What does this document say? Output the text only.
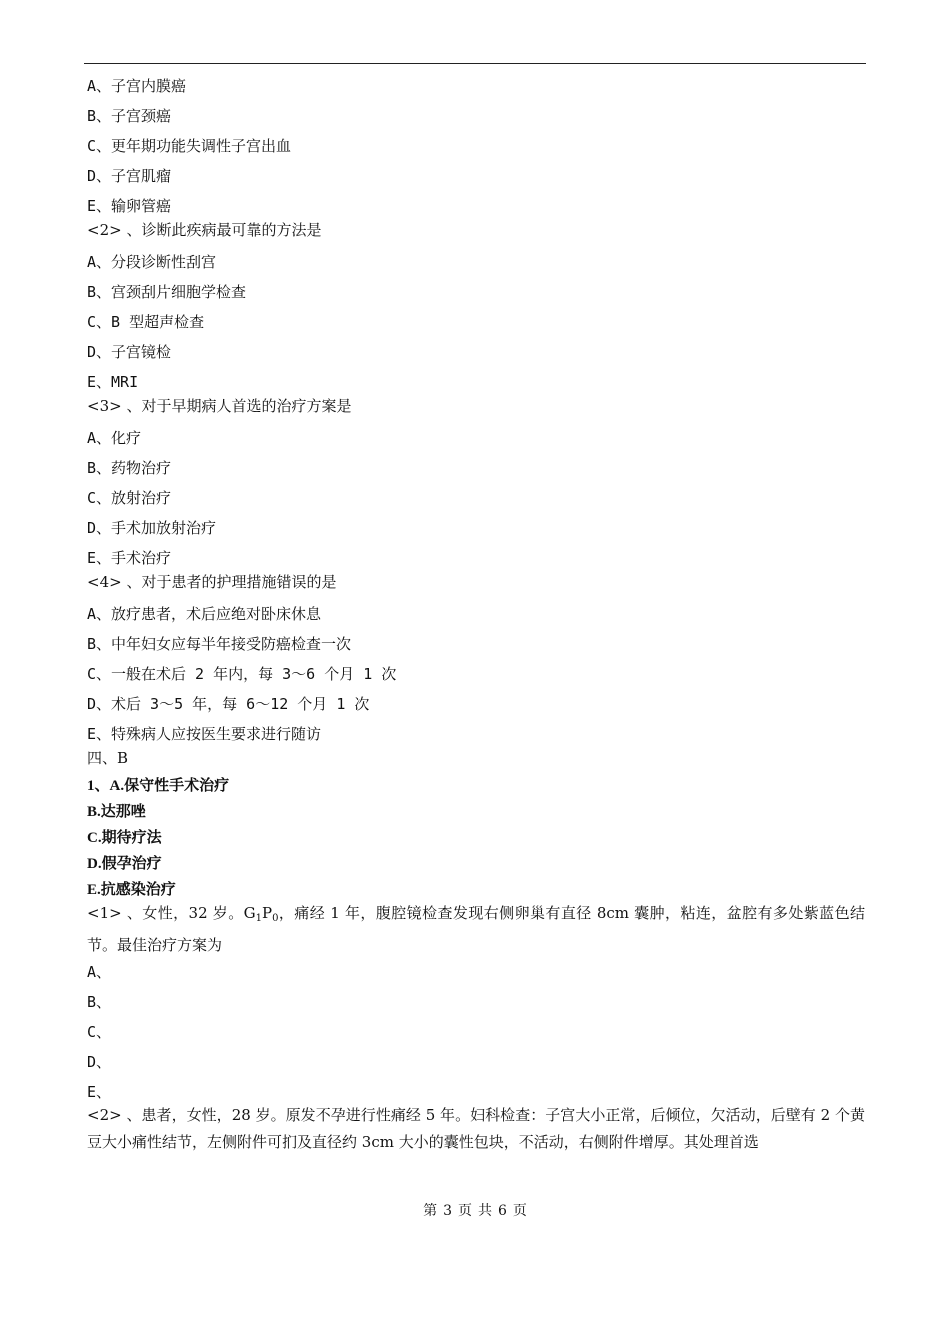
A、子宫内膜癌
B、子宫颈癌
C、更年期功能失调性子宫出血
D、子宫肌瘤
E、输卵管癌
<2> 、诊断此疾病最可靠的方法是
A、分段诊断性刮宫
B、宫颈刮片细胞学检查
C、B 型超声检查
D、子宫镜检
E、MRI
<3> 、对于早期病人首选的治疗方案是
A、化疗
B、药物治疗
C、放射治疗
D、手术加放射治疗
E、手术治疗
<4> 、对于患者的护理措施错误的是
A、放疗患者，术后应绝对卧床休息
B、中年妇女应每半年接受防癌检查一次
C、一般在术后 2 年内，每 3～6 个月 1 次
D、术后 3～5 年，每 6～12 个月 1 次
E、特殊病人应按医生要求进行随访
四、B
1、A.保守性手术治疗
B.达那唑
C.期待疗法
D.假孕治疗
E.抗感染治疗
<1> 、女性，32 岁。$G_1P_0$，痛经 1 年，腹腔镜检查发现右侧卵巢有直径 8cm 囊肿，粘连，盆腔有多处紫蓝色结节。最佳治疗方案为
A、
B、
C、
D、
E、
<2> 、患者，女性，28 岁。原发不孕进行性痛经 5 年。妇科检查：子宫大小正常，后倾位，欠活动，后壁有 2 个黄豆大小痛性结节，左侧附件可扪及直径约 3cm 大小的囊性包块，不活动，右侧附件增厚。其处理首选
第 3 页 共 6 页
